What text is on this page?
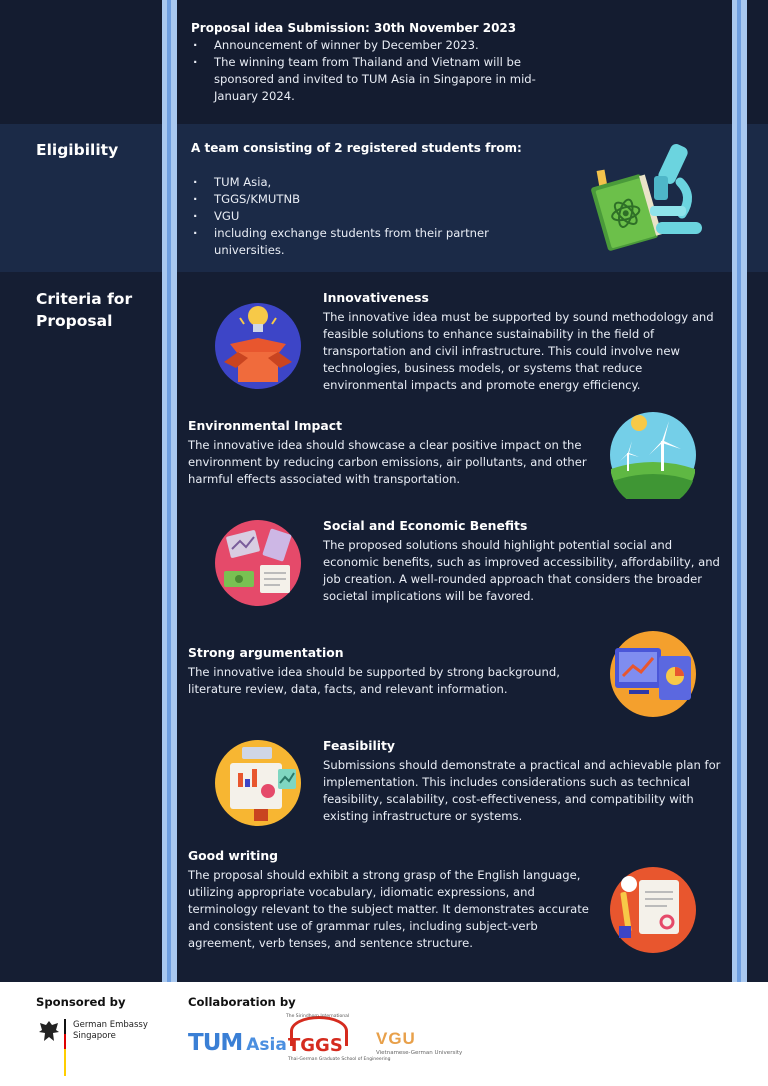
Proposal idea Submission: 30th November 2023
· Announcement of winner by December 2023.
· The winning team from Thailand and Vietnam will be sponsored and invited to TUM Asia in Singapore in mid-January 2024.
Eligibility	A team consisting of 2 registered students from:
· TUM Asia,
· TGGS/KMUTNB
· VGU
· including exchange students from their partner universities.
Criteria for Proposal
Innovativeness
The innovative idea must be supported by sound methodology and feasible solutions to enhance sustainability in the field of transportation and civil infrastructure. This could involve new technologies, business models, or systems that reduce environmental impacts and promote energy efficiency.
Environmental Impact
The innovative idea should showcase a clear positive impact on the environment by reducing carbon emissions, air pollutants, and other harmful effects associated with transportation.
Social and Economic Benefits
The proposed solutions should highlight potential social and economic benefits, such as improved accessibility, affordability, and job creation. A well-rounded approach that considers the broader societal implications will be favored.
Strong argumentation
The innovative idea should be supported by strong background, literature review, data, facts, and relevant information.
Feasibility
Submissions should demonstrate a practical and achievable plan for implementation. This includes considerations such as technical feasibility, scalability, cost-effectiveness, and compatibility with existing infrastructure or systems.
Good writing
The proposal should exhibit a strong grasp of the English language, utilizing appropriate vocabulary, idiomatic expressions, and terminology relevant to the subject matter. It demonstrates accurate and consistent use of grammar rules, including subject-verb agreement, verb tenses, and sentence structure.
Sponsored by
German Embassy
Singapore
Collaboration by
TUM Asia
The Sirindhorn International
TGGS
Thai-German Graduate School of Engineering
VGU
Vietnamese-German University
